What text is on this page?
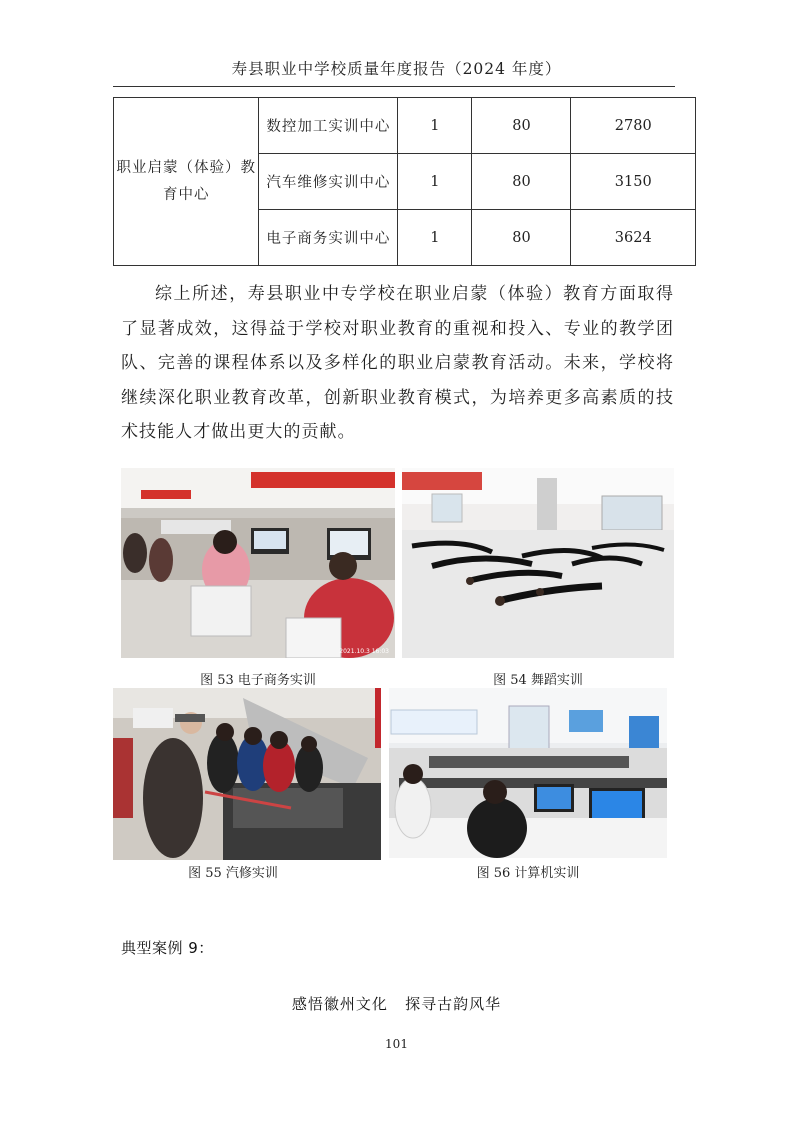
寿县职业中学校质量年度报告（2024 年度）
职业启蒙（体验）教育中心	数控加工实训中心	1	80	2780
	汽车维修实训中心	1	80	3150
	电子商务实训中心	1	80	3624

综上所述，寿县职业中专学校在职业启蒙（体验）教育方面取得了显著成效，这得益于学校对职业教育的重视和投入、专业的教学团队、完善的课程体系以及多样化的职业启蒙教育活动。未来，学校将继续深化职业教育改革，创新职业教育模式，为培养更多高素质的技术技能人才做出更大的贡献。

2021.10.3 16:03
图 53 电子商务实训	图 54 舞蹈实训
图 55 汽修实训	图 56 计算机实训
典型案例 9：
感悟徽州文化   探寻古韵风华
101
